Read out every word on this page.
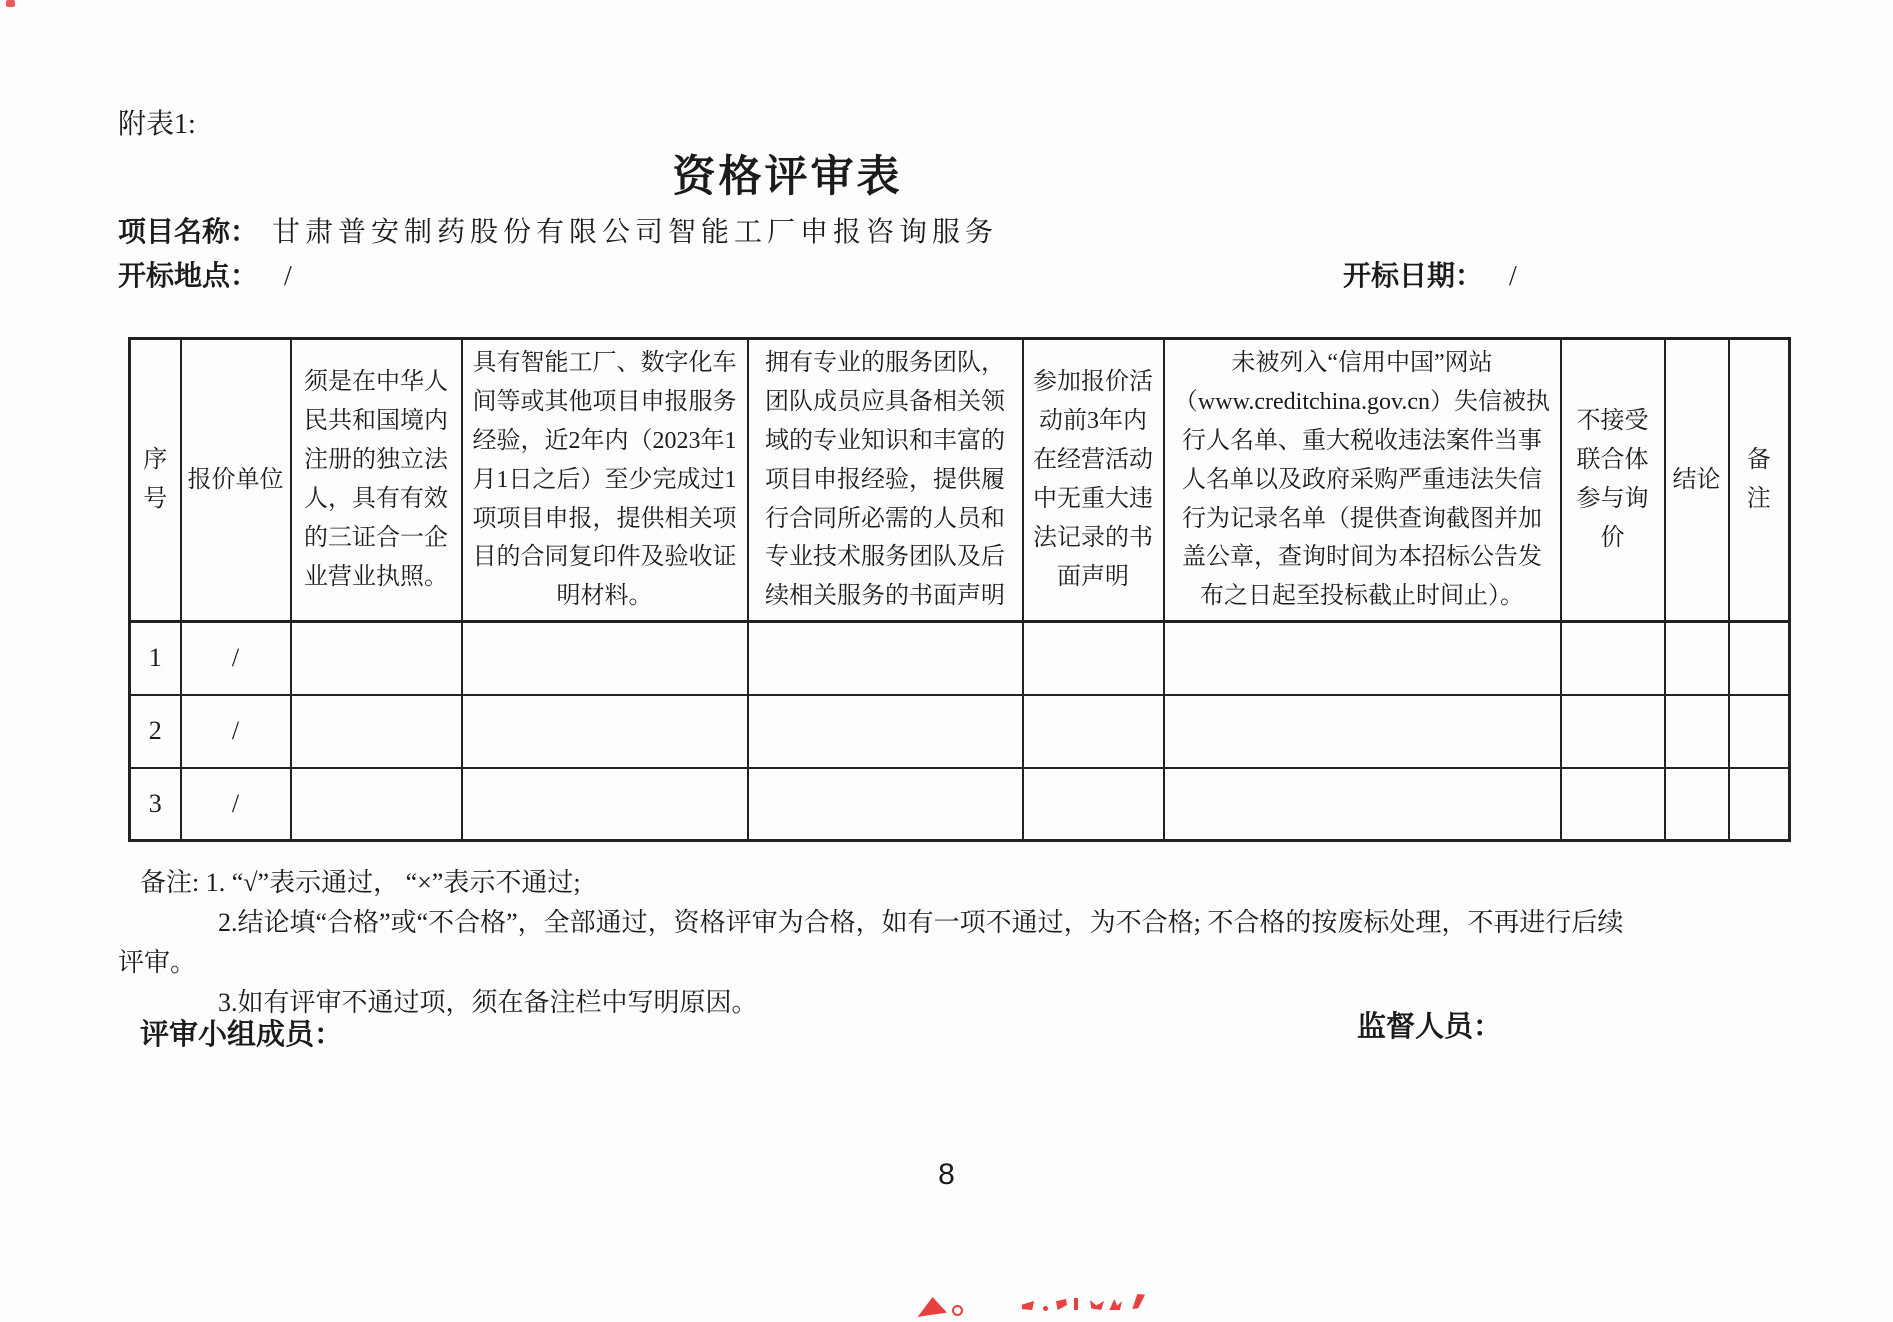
附表1:
资格评审表
项目名称： 甘肃普安制药股份有限公司智能工厂申报咨询服务
开标地点： /	开标日期： /
序号	报价单位	须是在中华人民共和国境内注册的独立法人，具有有效的三证合一企业营业执照。	具有智能工厂、数字化车间等或其他项目申报服务经验，近2年内（2023年1月1日之后）至少完成过1项项目申报，提供相关项目的合同复印件及验收证明材料。	拥有专业的服务团队，团队成员应具备相关领域的专业知识和丰富的项目申报经验，提供履行合同所必需的人员和专业技术服务团队及后续相关服务的书面声明	参加报价活动前3年内在经营活动中无重大违法记录的书面声明	未被列入“信用中国”网站（www.creditchina.gov.cn）失信被执行人名单、重大税收违法案件当事人名单以及政府采购严重违法失信行为记录名单（提供查询截图并加盖公章，查询时间为本招标公告发布之日起至投标截止时间止）。	不接受联合体参与询价	结论	备注
1	/								
2	/								
3	/								
备注: 1. “√”表示通过， “×”表示不通过;
2.结论填“合格”或“不合格”，全部通过，资格评审为合格，如有一项不通过，为不合格; 不合格的按废标处理，不再进行后续
评审。
3.如有评审不通过项，须在备注栏中写明原因。
评审小组成员：	监督人员：
8
